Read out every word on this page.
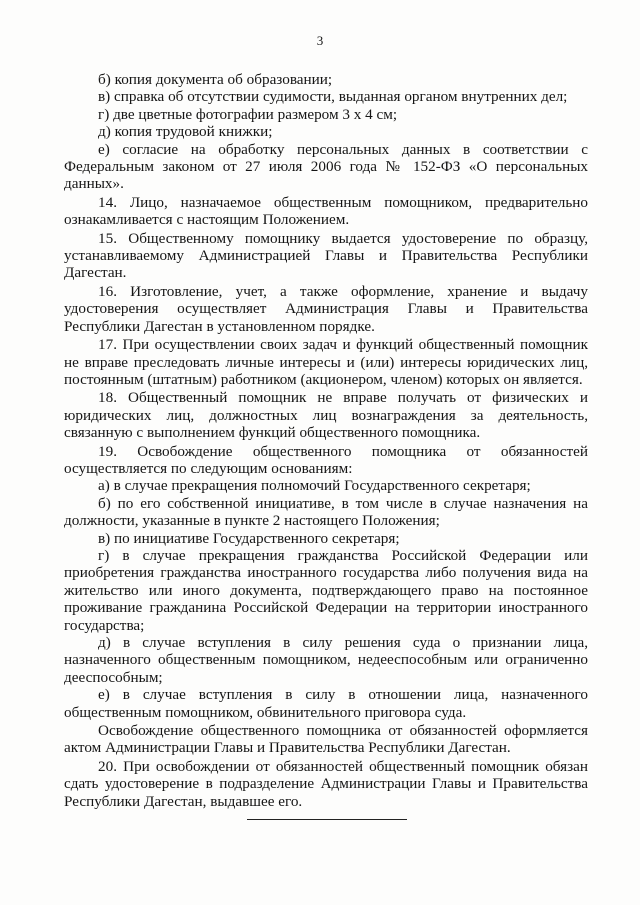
3

б) копия документа об образовании;

в) справка об отсутствии судимости, выданная органом внутренних дел;

г) две цветные фотографии размером 3 х 4 см;

д) копия трудовой книжки;

е) согласие на обработку персональных данных в соответствии с Федеральным законом от 27 июля 2006 года № 152-ФЗ «О персональных данных».

14. Лицо, назначаемое общественным помощником, предварительно ознакамливается с настоящим Положением.

15. Общественному помощнику выдается удостоверение по образцу, устанавливаемому Администрацией Главы и Правительства Республики Дагестан.

16. Изготовление, учет, а также оформление, хранение и выдачу удостоверения осуществляет Администрация Главы и Правительства Республики Дагестан в установленном порядке.

17. При осуществлении своих задач и функций общественный помощник не вправе преследовать личные интересы и (или) интересы юридических лиц, постоянным (штатным) работником (акционером, членом) которых он является.

18. Общественный помощник не вправе получать от физических и юридических лиц, должностных лиц вознаграждения за деятельность, связанную с выполнением функций общественного помощника.

19. Освобождение общественного помощника от обязанностей осуществляется по следующим основаниям:

а) в случае прекращения полномочий Государственного секретаря;

б) по его собственной инициативе, в том числе в случае назначения на должности, указанные в пункте 2 настоящего Положения;

в) по инициативе Государственного секретаря;

г) в случае прекращения гражданства Российской Федерации или приобретения гражданства иностранного государства либо получения вида на жительство или иного документа, подтверждающего право на постоянное проживание гражданина Российской Федерации на территории иностранного государства;

д) в случае вступления в силу решения суда о признании лица, назначенного общественным помощником, недееспособным или ограниченно дееспособным;

е) в случае вступления в силу в отношении лица, назначенного общественным помощником, обвинительного приговора суда.

Освобождение общественного помощника от обязанностей оформляется актом Администрации Главы и Правительства Республики Дагестан.

20. При освобождении от обязанностей общественный помощник обязан сдать удостоверение в подразделение Администрации Главы и Правительства Республики Дагестан, выдавшее его.
